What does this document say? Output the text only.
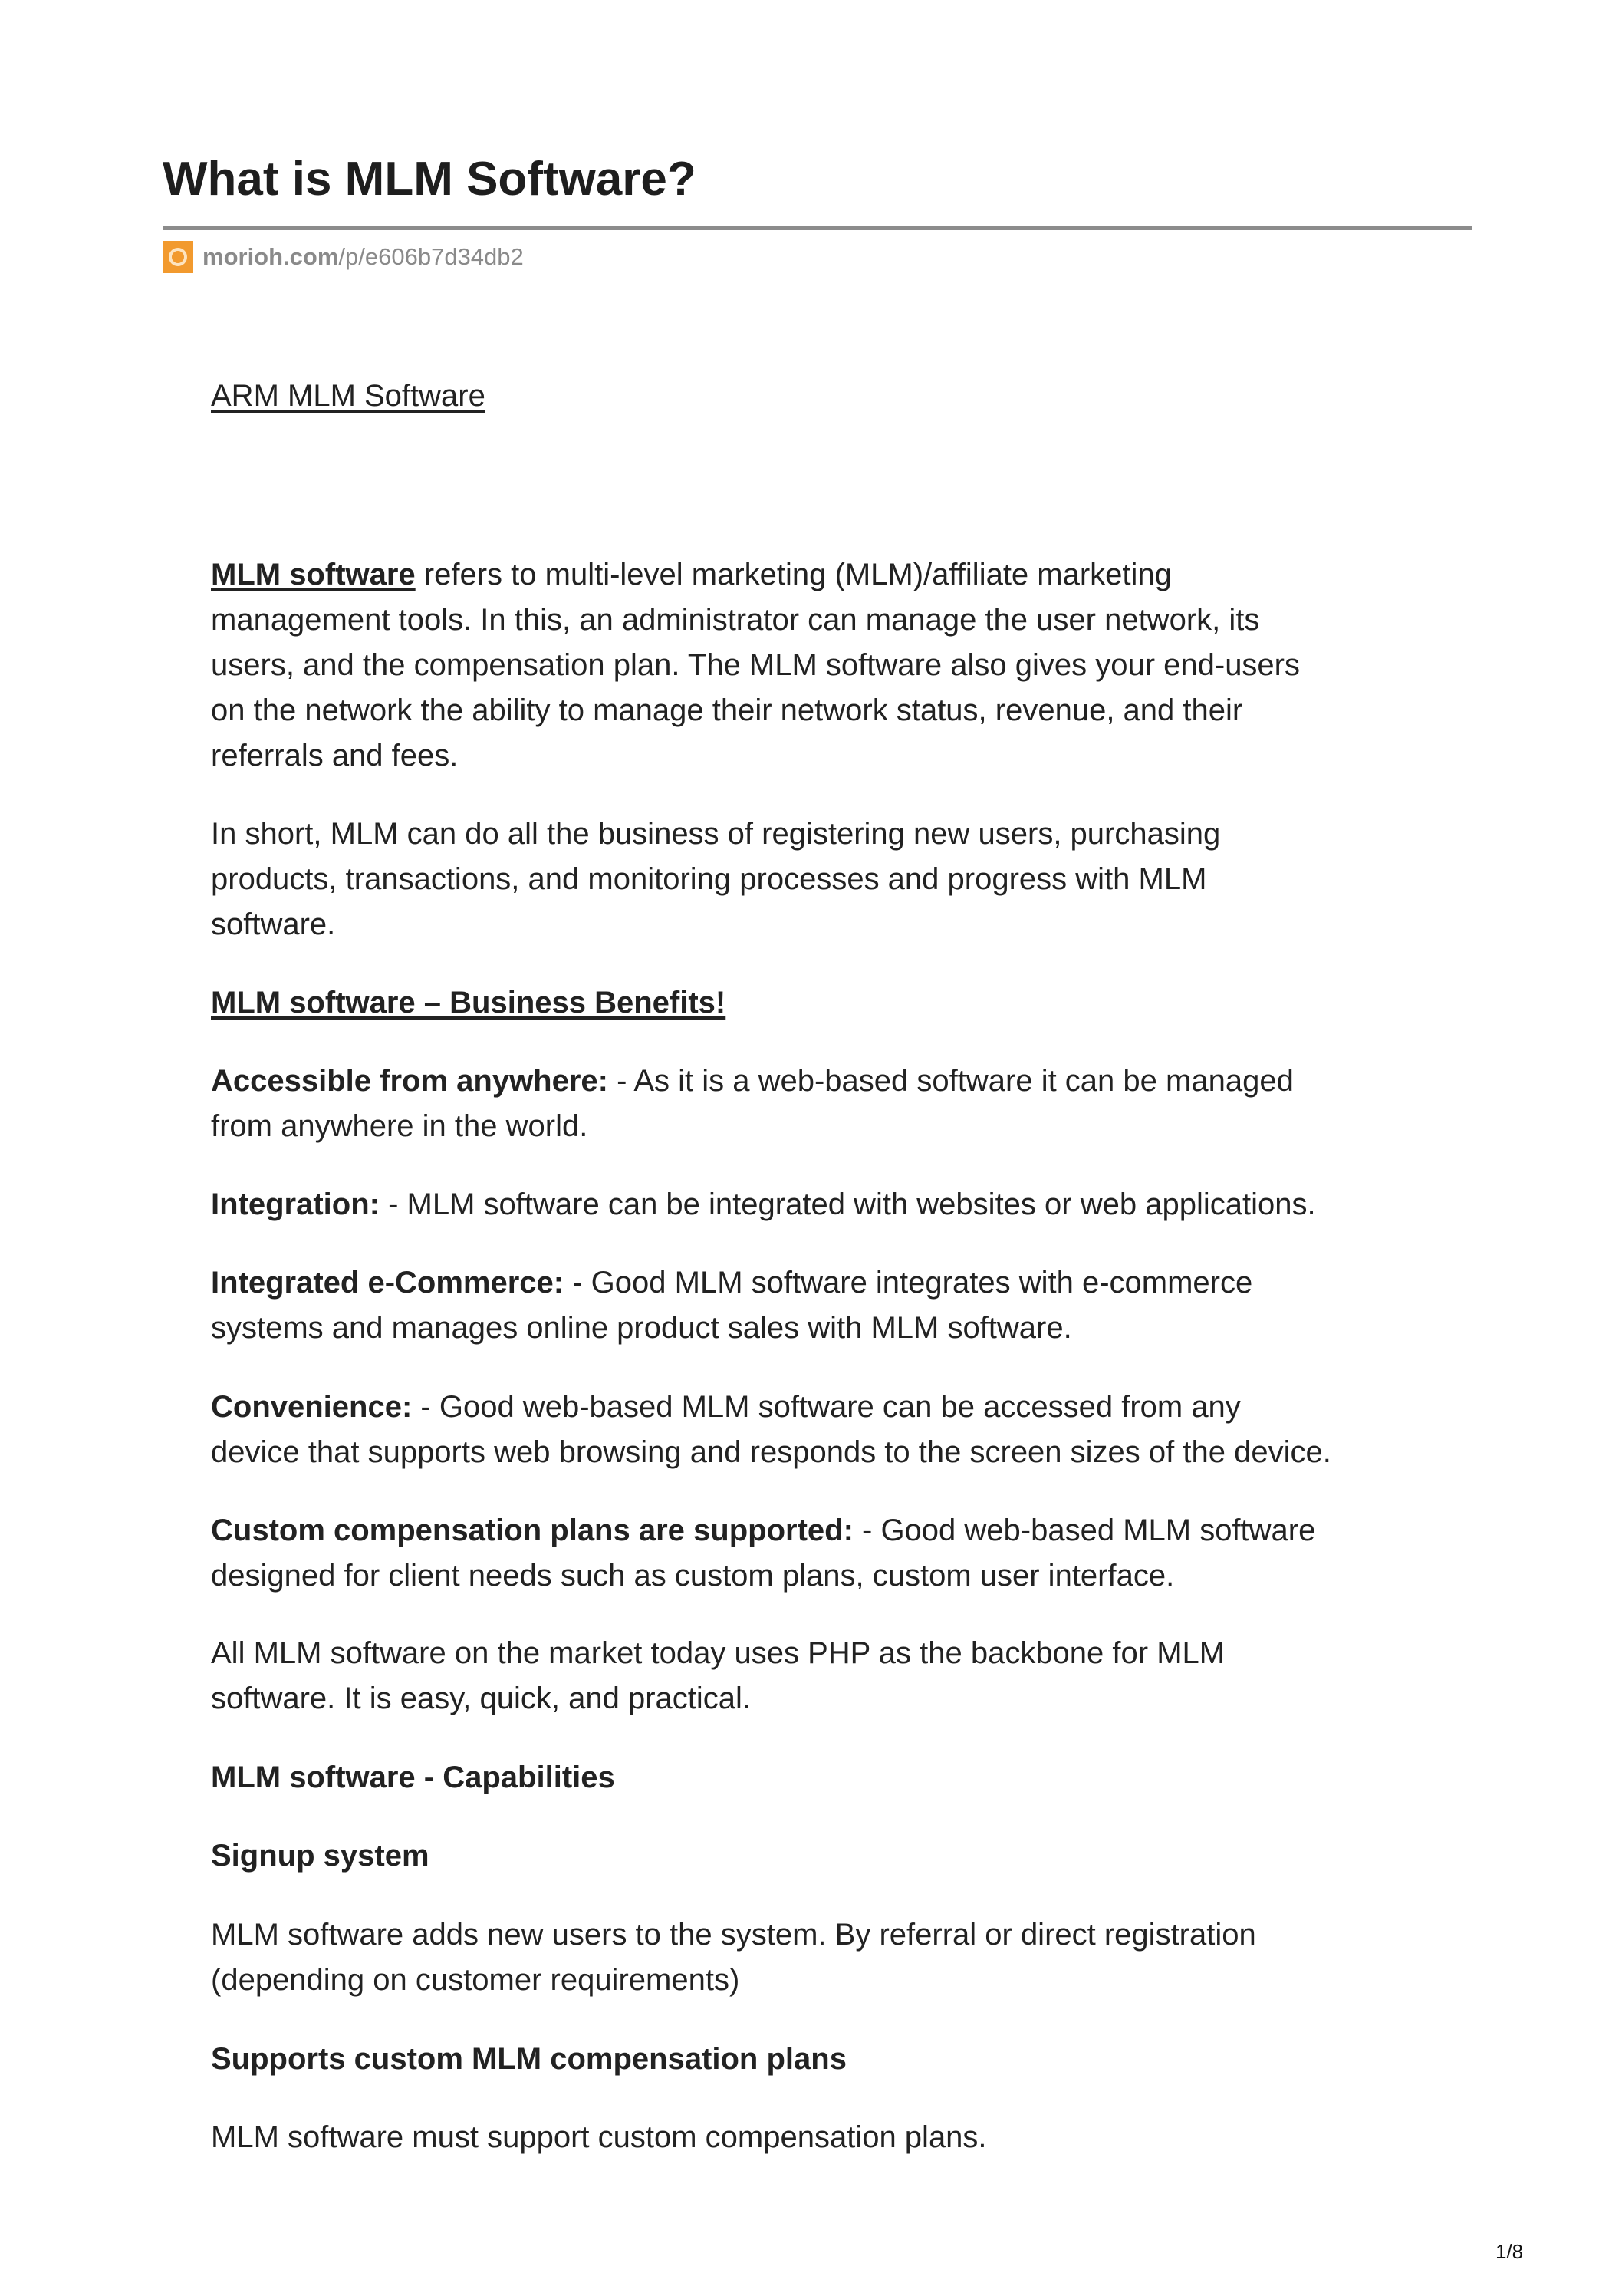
What is MLM Software?
morioh.com /p/e606b7d34db2
ARM MLM Software
MLM software refers to multi-level marketing (MLM)/affiliate marketing
management tools. In this, an administrator can manage the user network, its
users, and the compensation plan. The MLM software also gives your end-users
on the network the ability to manage their network status, revenue, and their
referrals and fees.
In short, MLM can do all the business of registering new users, purchasing
products, transactions, and monitoring processes and progress with MLM
software.
MLM software – Business Benefits!
Accessible from anywhere: - As it is a web-based software it can be managed
from anywhere in the world.
Integration: - MLM software can be integrated with websites or web applications.
Integrated e-Commerce: - Good MLM software integrates with e-commerce
systems and manages online product sales with MLM software.
Convenience: - Good web-based MLM software can be accessed from any
device that supports web browsing and responds to the screen sizes of the device.
Custom compensation plans are supported: - Good web-based MLM software
designed for client needs such as custom plans, custom user interface.
All MLM software on the market today uses PHP as the backbone for MLM
software. It is easy, quick, and practical.
MLM software - Capabilities
Signup system
MLM software adds new users to the system. By referral or direct registration
(depending on customer requirements)
Supports custom MLM compensation plans
MLM software must support custom compensation plans.
1/8
